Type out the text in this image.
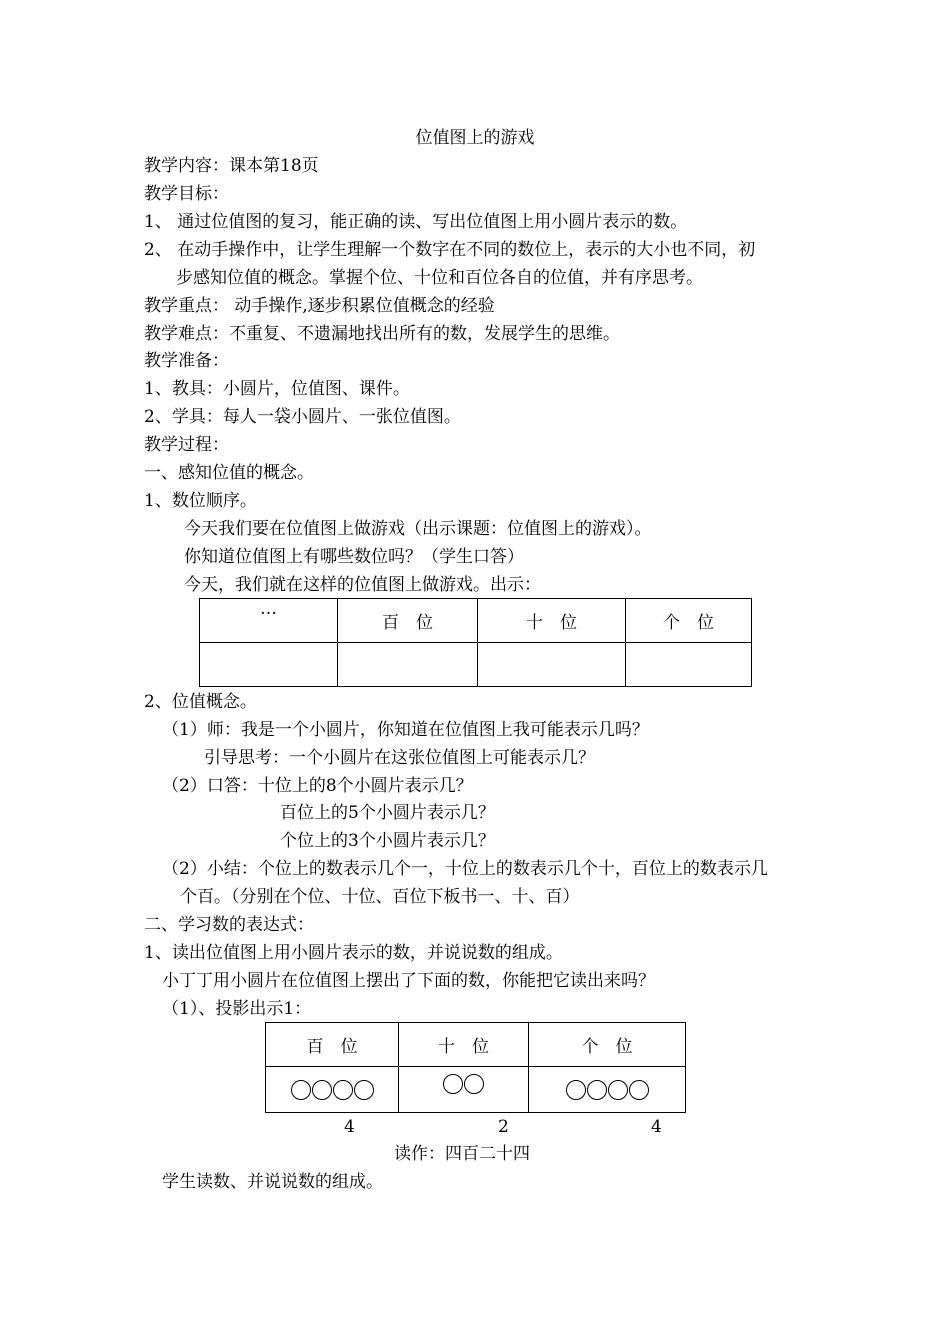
位值图上的游戏
教学内容：课本第18页
教学目标：
1、 通过位值图的复习，能正确的读、写出位值图上用小圆片表示的数。
2、 在动手操作中，让学生理解一个数字在不同的数位上，表示的大小也不同，初
步感知位值的概念。掌握个位、十位和百位各自的位值，并有序思考。
教学重点： 动手操作,逐步积累位值概念的经验
教学难点：不重复、不遗漏地找出所有的数，发展学生的思维。
教学准备：
1、教具：小圆片，位值图、课件。
2、学具：每人一袋小圆片、一张位值图。
教学过程：
一、感知位值的概念。
1、数位顺序。
今天我们要在位值图上做游戏（出示课题：位值图上的游戏）。
你知道位值图上有哪些数位吗？（学生口答）
今天，我们就在这样的位值图上做游戏。出示：
…	百　位	十　位	个　位

2、位值概念。
（1）师：我是一个小圆片，你知道在位值图上我可能表示几吗？
引导思考：一个小圆片在这张位值图上可能表示几？
（2）口答：十位上的8个小圆片表示几？
百位上的5个小圆片表示几？
个位上的3个小圆片表示几？
（2）小结：个位上的数表示几个一，十位上的数表示几个十，百位上的数表示几
个百。（分别在个位、十位、百位下板书一、十、百）
二、学习数的表达式：
1、读出位值图上用小圆片表示的数，并说说数的组成。
小丁丁用小圆片在位值图上摆出了下面的数，你能把它读出来吗？
（1）、投影出示1：
百　位	十　位	个　位

4	2	4
读作：四百二十四
学生读数、并说说数的组成。
